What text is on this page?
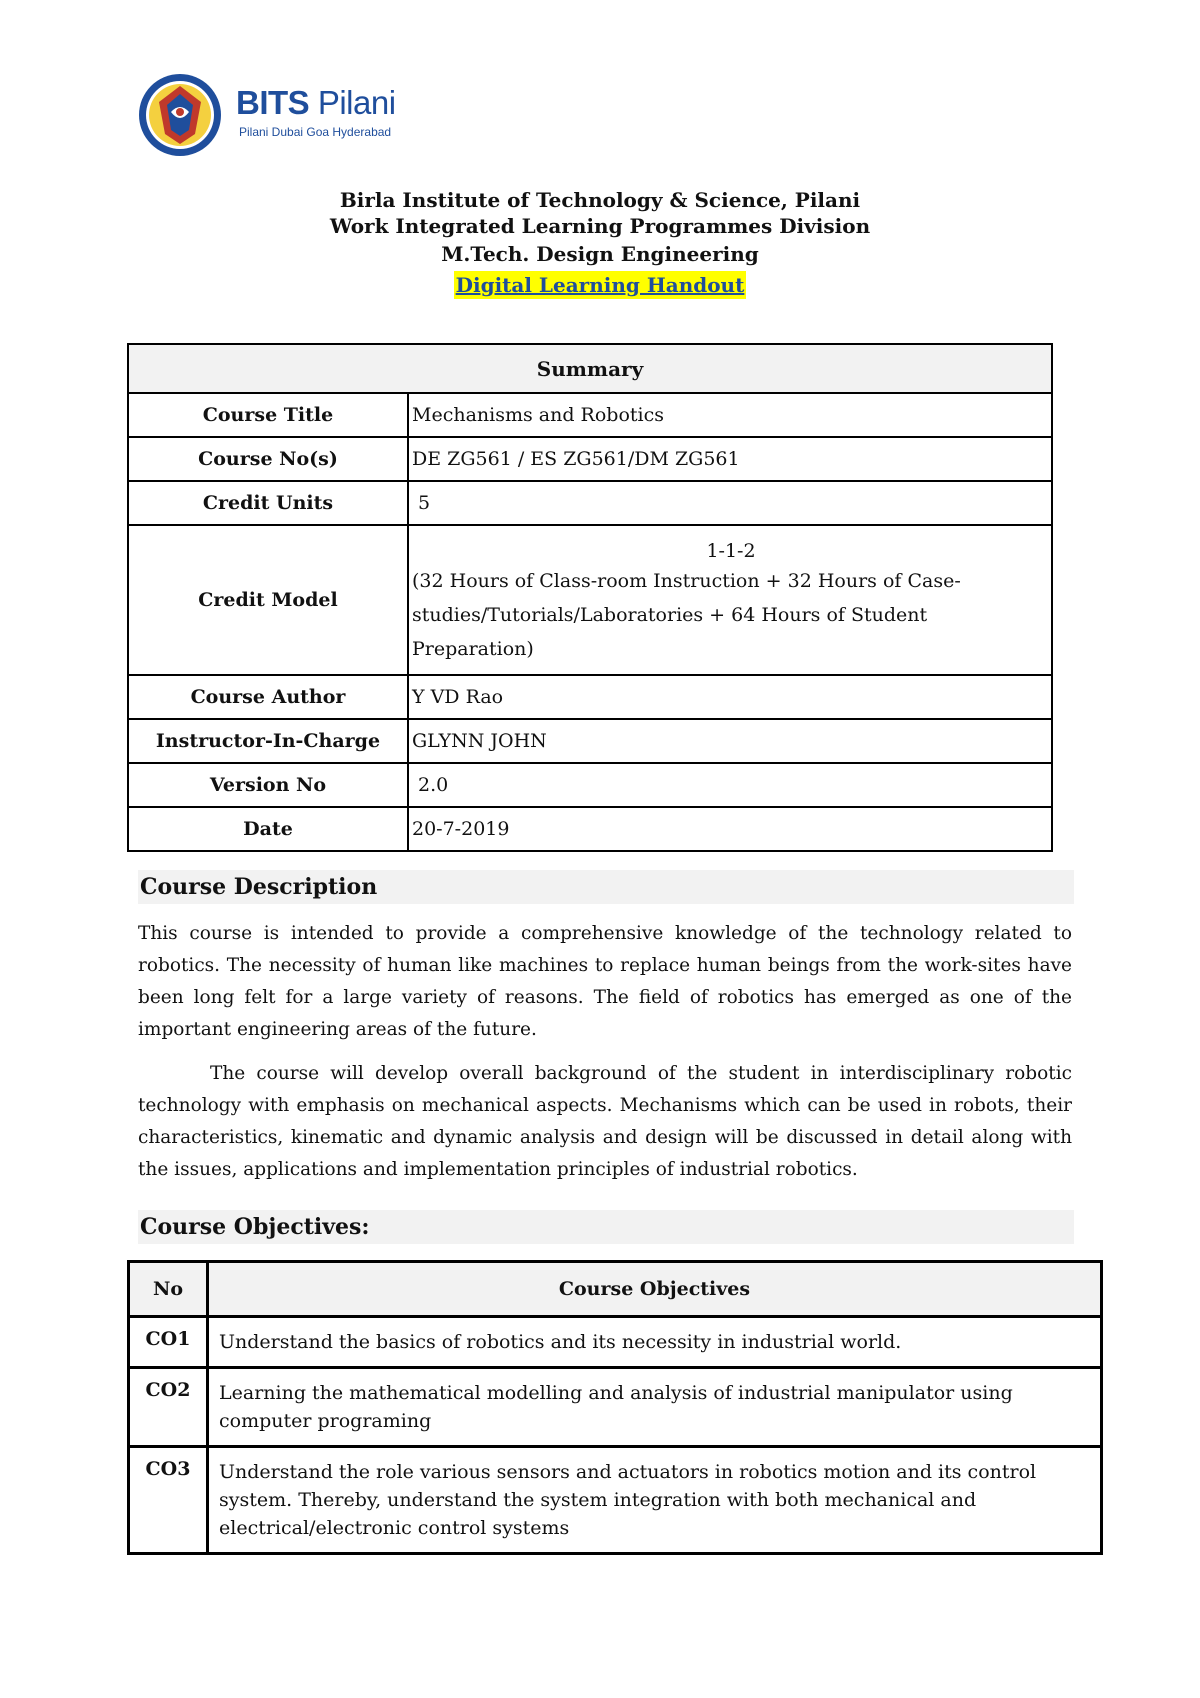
BITS Pilani
Pilani Dubai Goa Hyderabad
Birla Institute of Technology & Science, Pilani
Work Integrated Learning Programmes Division
M.Tech. Design Engineering
Digital Learning Handout
Summary	
Course Title	Mechanisms and Robotics
Course No(s)	DE ZG561 / ES ZG561/DM ZG561
Credit Units	5
Credit Model	1-1-2
(32 Hours of Class-room Instruction + 32 Hours of Case-
studies/Tutorials/Laboratories + 64 Hours of Student
Preparation)

Course Author	Y VD Rao
Instructor-In-Charge	GLYNN JOHN
Version No	2.0
Date	20-7-2019
Course Description

This course is intended to provide a comprehensive knowledge of the technology related to robotics. The necessity of human like machines to replace human beings from the work-sites have been long felt for a large variety of reasons. The field of robotics has emerged as one of the important engineering areas of the future.

The course will develop overall background of the student in interdisciplinary robotic technology with emphasis on mechanical aspects. Mechanisms which can be used in robots, their characteristics, kinematic and dynamic analysis and design will be discussed in detail along with the issues, applications and implementation principles of industrial robotics.

Course Objectives:
No	Course Objectives
CO1	Understand the basics of robotics and its necessity in industrial world.
CO2	Learning the mathematical modelling and analysis of industrial manipulator using computer programing
CO3	Understand the role various sensors and actuators in robotics motion and its control system. Thereby, understand the system integration with both mechanical and electrical/electronic control systems
